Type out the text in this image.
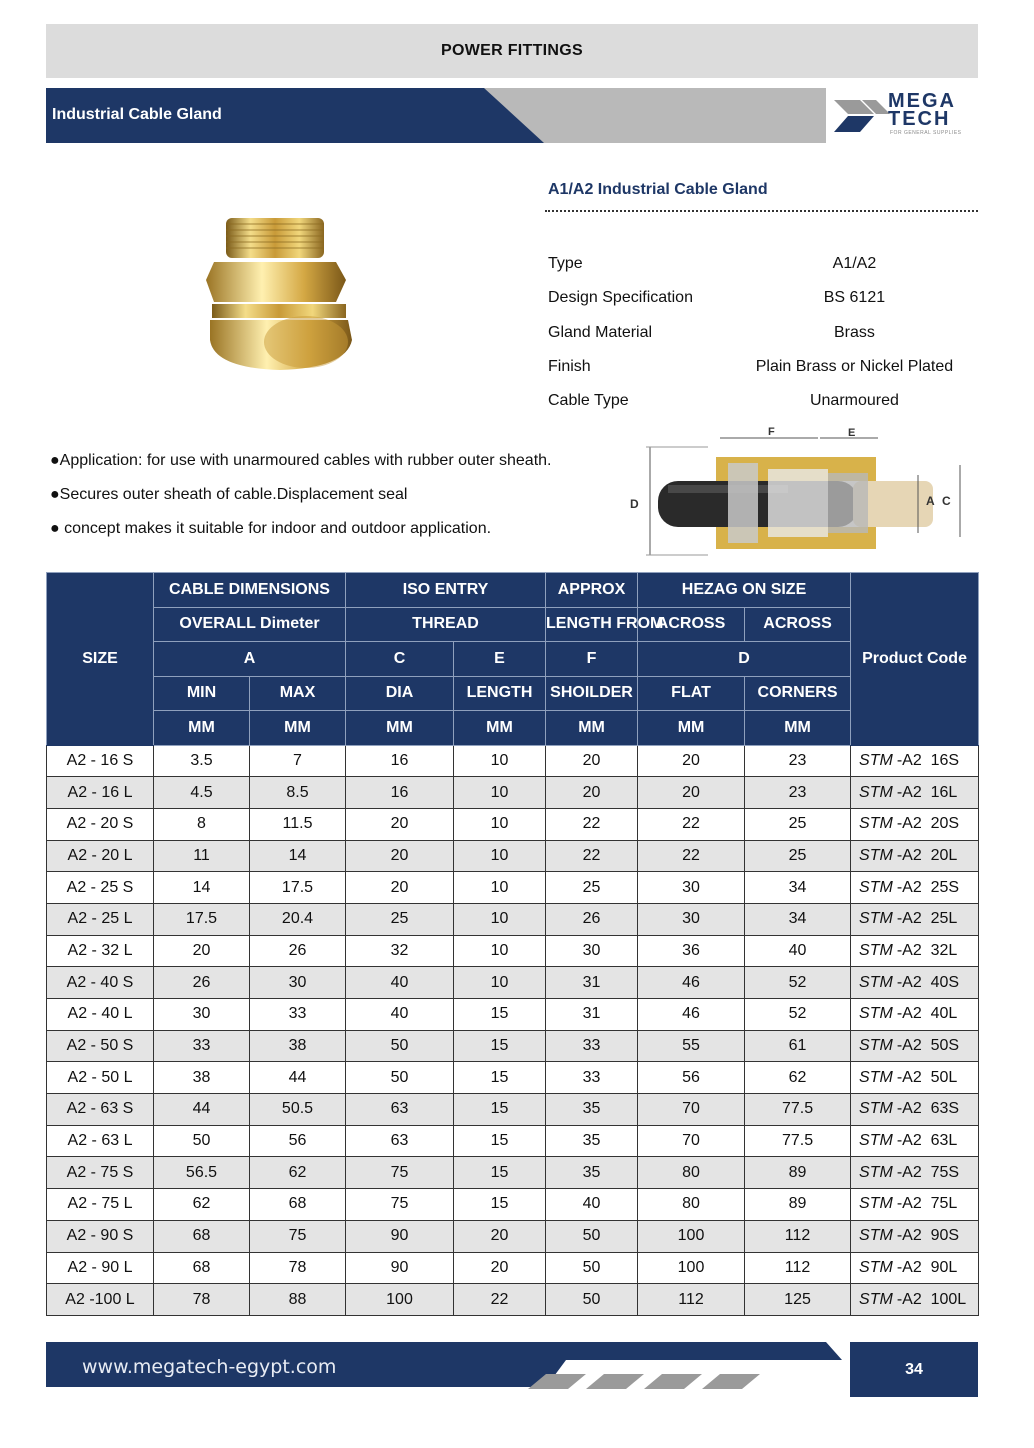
POWER FITTINGS
Industrial Cable Gland
MEGA
TECH
FOR GENERAL SUPPLIES
A1/A2 Industrial Cable Gland
Type	A1/A2
Design Specification	BS 6121
Gland Material	Brass
Finish	Plain Brass or Nickel Plated
Cable Type	Unarmoured
●Application: for use with unarmoured cables with rubber outer sheath.
●Secures outer sheath of cable.Displacement seal
● concept makes it suitable for indoor and outdoor application.
D
F	E
A C
SIZE	CABLE DIMENSIONS		ISO ENTRY		APPROX	HEZAG ON SIZE		Product Code
	OVERALL Dimeter		THREAD		LENGTH FROM	ACROSS	ACROSS	
	A		C	E	F	D		
	MIN	MAX	DIA	LENGTH	SHOILDER	FLAT	CORNERS	
	MM	MM	MM	MM	MM	MM	MM	
A2 - 16 S	3.5	7	16	10	20	20	23	STM -A2  16S
A2 - 16 L	4.5	8.5	16	10	20	20	23	STM -A2  16L
A2 - 20 S	8	11.5	20	10	22	22	25	STM -A2  20S
A2 - 20 L	11	14	20	10	22	22	25	STM -A2  20L
A2 - 25 S	14	17.5	20	10	25	30	34	STM -A2  25S
A2 - 25 L	17.5	20.4	25	10	26	30	34	STM -A2  25L
A2 - 32 L	20	26	32	10	30	36	40	STM -A2  32L
A2 - 40 S	26	30	40	10	31	46	52	STM -A2  40S
A2 - 40 L	30	33	40	15	31	46	52	STM -A2  40L
A2 - 50 S	33	38	50	15	33	55	61	STM -A2  50S
A2 - 50 L	38	44	50	15	33	56	62	STM -A2  50L
A2 - 63 S	44	50.5	63	15	35	70	77.5	STM -A2  63S
A2 - 63 L	50	56	63	15	35	70	77.5	STM -A2  63L
A2 - 75 S	56.5	62	75	15	35	80	89	STM -A2  75S
A2 - 75 L	62	68	75	15	40	80	89	STM -A2  75L
A2 - 90 S	68	75	90	20	50	100	112	STM -A2  90S
A2 - 90 L	68	78	90	20	50	100	112	STM -A2  90L
A2 -100 L	78	88	100	22	50	112	125	STM -A2  100L
www.megatech-egypt.com	34
